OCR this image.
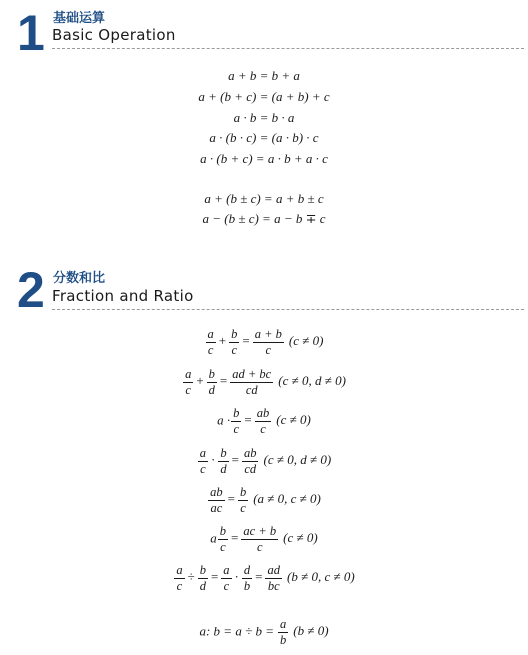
1 基础运算
Basic Operation
a + b = b + a
a + (b + c) = (a + b) + c
a · b = b · a
a · (b · c) = (a · b) · c
a · (b + c) = a · b + a · c
a + (b ± c) = a + b ± c
a − (b ± c) = a − b ∓ c
2 分数和比
Fraction and Ratio
$\frac{a}{c} + \frac{b}{c} = \frac{a + b}{c} (c \ne 0)$
$\frac{a}{c} + \frac{b}{d} = \frac{ad + bc}{cd} (c \ne 0$, d ≠ 0)
$a \cdot \frac{b}{c} = \frac{ab}{c} (c \ne 0)$
$\frac{a}{c} \cdot \frac{b}{d} = \frac{ab}{cd} (c \ne 0$, d ≠ 0)
$\frac{ab}{ac} = \frac{b}{c} (a \ne 0$, c ≠ 0)
a $\frac{b}{c} = \frac{ac + b}{c} (c \ne 0)$
$\frac{a}{c} \div \frac{b}{d} = \frac{a}{c} \cdot \frac{d}{b} = \frac{ad}{bc} (b \ne 0$, c ≠ 0)
a: $b = a \div b = \frac{a}{b} (b \ne 0)$
